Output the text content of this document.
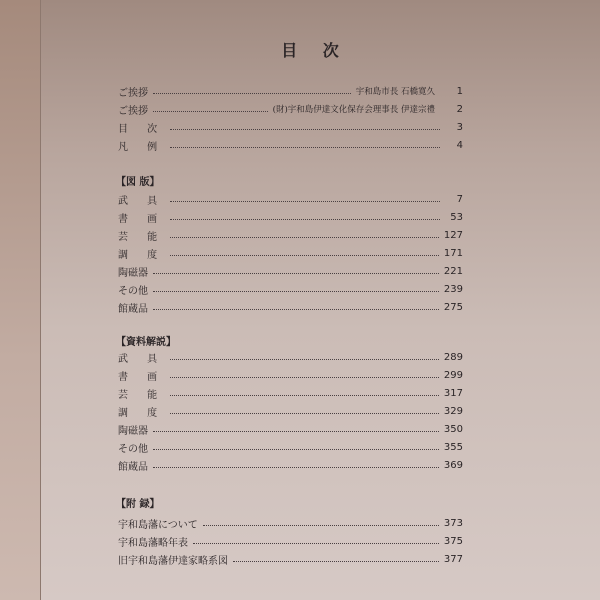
目 次
ご挨拶	宇和島市長 石橋寛久	1
ご挨拶	(財)宇和島伊達文化保存会理事長 伊達宗禮	2
目 次	3
凡 例	4
【図 版】
武 具	7
書 画	53
芸 能	127
調 度	171
陶磁器	221
その他	239
館蔵品	275
【資料解説】
武 具	289
書 画	299
芸 能	317
調 度	329
陶磁器	350
その他	355
館蔵品	369
【附 録】
宇和島藩について	373
宇和島藩略年表	375
旧宇和島藩伊達家略系図	377
